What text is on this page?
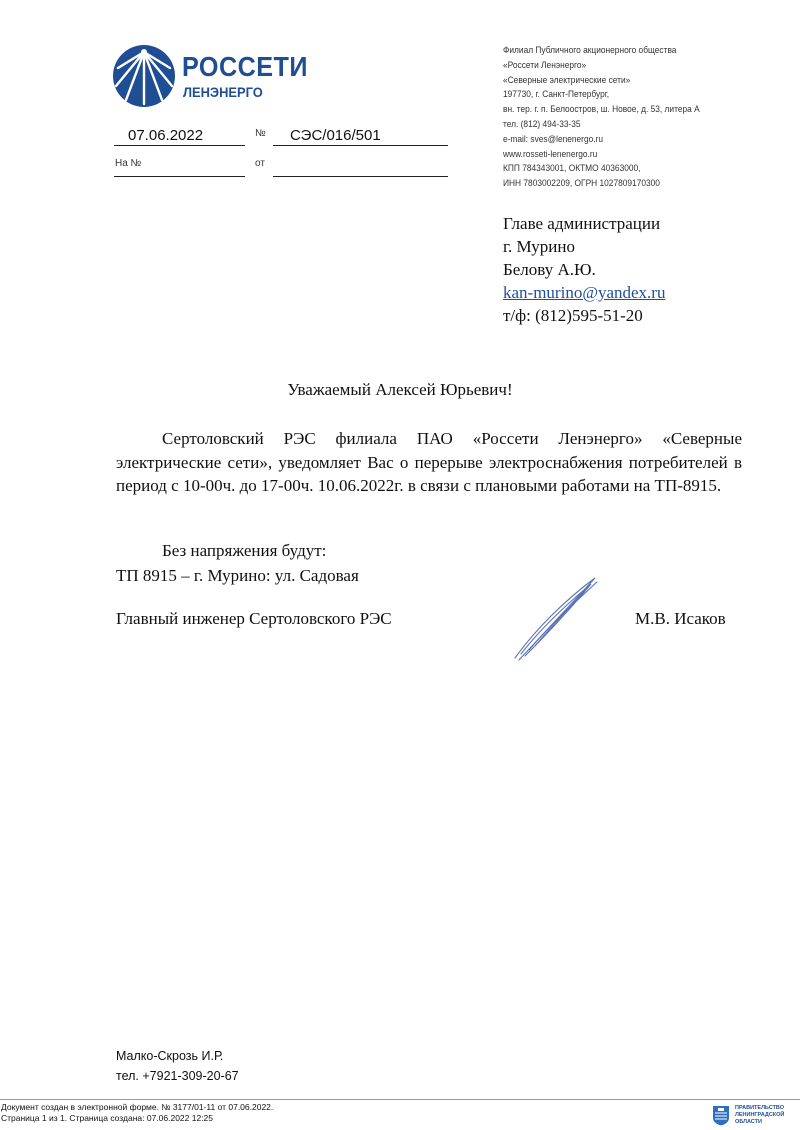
РОССЕТИ
ЛЕНЭНЕРГО
07.06.2022	№ СЭС/016/501
На №	от
Филиал Публичного акционерного общества
«Россети Ленэнерго»
«Северные электрические сети»
197730, г. Санкт-Петербург,
вн. тер. г. п. Белоостров, ш. Новое, д. 53, литера А
тел. (812) 494-33-35
e-mail: sves@lenenergo.ru
www.rosseti-lenenergo.ru
КПП 784343001, ОКТМО 40363000,
ИНН 7803002209, ОГРН 1027809170300
Главе администрации
г. Мурино
Белову А.Ю.
kan-murino@yandex.ru
т/ф: (812)595-51-20
Уважаемый Алексей Юрьевич!
Сертоловский РЭС филиала ПАО «Россети Ленэнерго» «Северные электрические сети», уведомляет Вас о перерыве электроснабжения потребителей в период с 10-00ч. до 17-00ч. 10.06.2022г. в связи с плановыми работами на ТП-8915.
Без напряжения будут:
ТП 8915 – г. Мурино: ул. Садовая
Главный инженер Сертоловского РЭС	М.В. Исаков
Малко-Скрозь И.Р.
тел. +7921-309-20-67
Документ создан в электронной форме. № 3177/01-11 от 07.06.2022.
Страница 1 из 1. Страница создана: 07.06.2022 12:25
ПРАВИТЕЛЬСТВО
ЛЕНИНГРАДСКОЙ
ОБЛАСТИ
